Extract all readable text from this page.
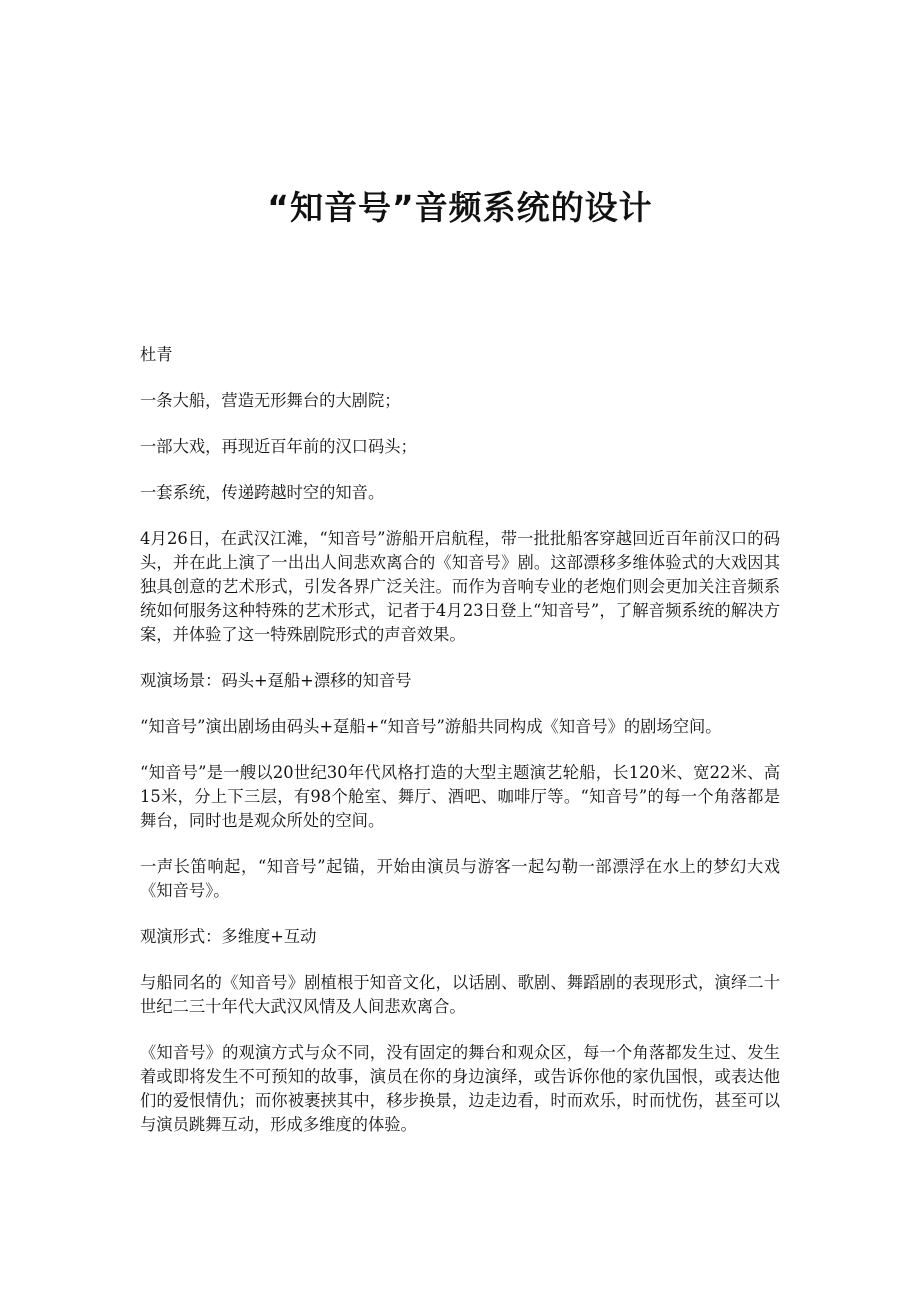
“知音号”音频系统的设计

杜青

一条大船，营造无形舞台的大剧院；

一部大戏，再现近百年前的汉口码头；

一套系统，传递跨越时空的知音。

4月26日，在武汉江滩，“知音号”游船开启航程，带一批批船客穿越回近百年前汉口的码头，并在此上演了一出出人间悲欢离合的《知音号》剧。这部漂移多维体验式的大戏因其独具创意的艺术形式，引发各界广泛关注。而作为音响专业的老炮们则会更加关注音频系统如何服务这种特殊的艺术形式，记者于4月23日登上“知音号”，了解音频系统的解决方案，并体验了这一特殊剧院形式的声音效果。

观演场景：码头+趸船+漂移的知音号

“知音号”演出剧场由码头+趸船+“知音号”游船共同构成《知音号》的剧场空间。

“知音号”是一艘以20世纪30年代风格打造的大型主题演艺轮船，长120米、宽22米、高15米，分上下三层，有98个舱室、舞厅、酒吧、咖啡厅等。“知音号”的每一个角落都是舞台，同时也是观众所处的空间。

一声长笛响起，“知音号”起锚，开始由演员与游客一起勾勒一部漂浮在水上的梦幻大戏《知音号》。

观演形式：多维度+互动

与船同名的《知音号》剧植根于知音文化，以话剧、歌剧、舞蹈剧的表现形式，演绎二十世纪二三十年代大武汉风情及人间悲欢离合。

《知音号》的观演方式与众不同，没有固定的舞台和观众区，每一个角落都发生过、发生着或即将发生不可预知的故事，演员在你的身边演绎，或告诉你他的家仇国恨，或表达他们的爱恨情仇；而你被裹挟其中，移步换景，边走边看，时而欢乐，时而忧伤，甚至可以与演员跳舞互动，形成多维度的体验。
